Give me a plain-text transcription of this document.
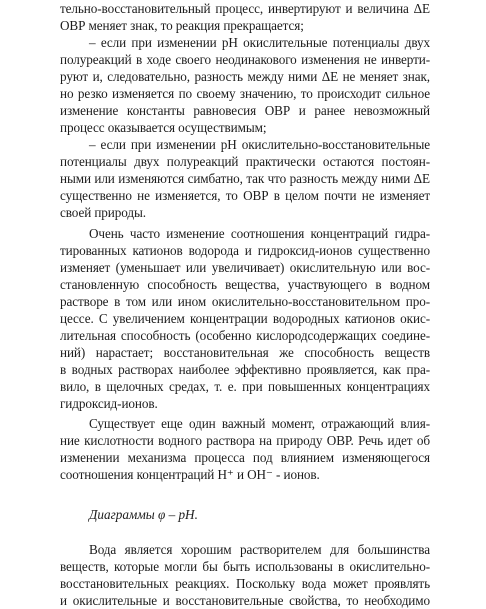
тельно-восстановительный процесс, инвертируют и величина ΔE
ОВР меняет знак, то реакция прекращается;
– если при изменении рН окислительные потенциалы двух
полуреакций в ходе своего неодинакового изменения не инверти-
руют и, следовательно, разность между ними ΔE не меняет знак,
но резко изменяется по своему значению, то происходит сильное
изменение константы равновесия ОВР и ранее невозможный
процесс оказывается осуществимым;
– если при изменении рН окислительно-восстановительные
потенциалы двух полуреакций практически остаются постоян-
ными или изменяются симбатно, так что разность между ними ΔE
существенно не изменяется, то ОВР в целом почти не изменяет
своей природы.
Очень часто изменение соотношения концентраций гидра-
тированных катионов водорода и гидроксид-ионов существенно
изменяет (уменьшает или увеличивает) окислительную или вос-
становленную способность вещества, участвующего в водном
растворе в том или ином окислительно-восстановительном про-
цессе. С увеличением концентрации водородных катионов окис-
лительная способность (особенно кислородсодержащих соедине-
ний) нарастает; восстановительная же способность веществ
в водных растворах наиболее эффективно проявляется, как пра-
вило, в щелочных средах, т. е. при повышенных концентрациях
гидроксид-ионов.
Существует еще один важный момент, отражающий влия-
ние кислотности водного раствора на природу ОВР. Речь идет об
изменении механизма процесса под влиянием изменяющегося
соотношения концентраций H⁺ и OH⁻ - ионов.
Диаграммы φ – рН.
Вода является хорошим растворителем для большинства
веществ, которые могли бы быть использованы в окислительно-
восстановительных реакциях. Поскольку вода может проявлять
и окислительные и восстановительные свойства, то необходимо
